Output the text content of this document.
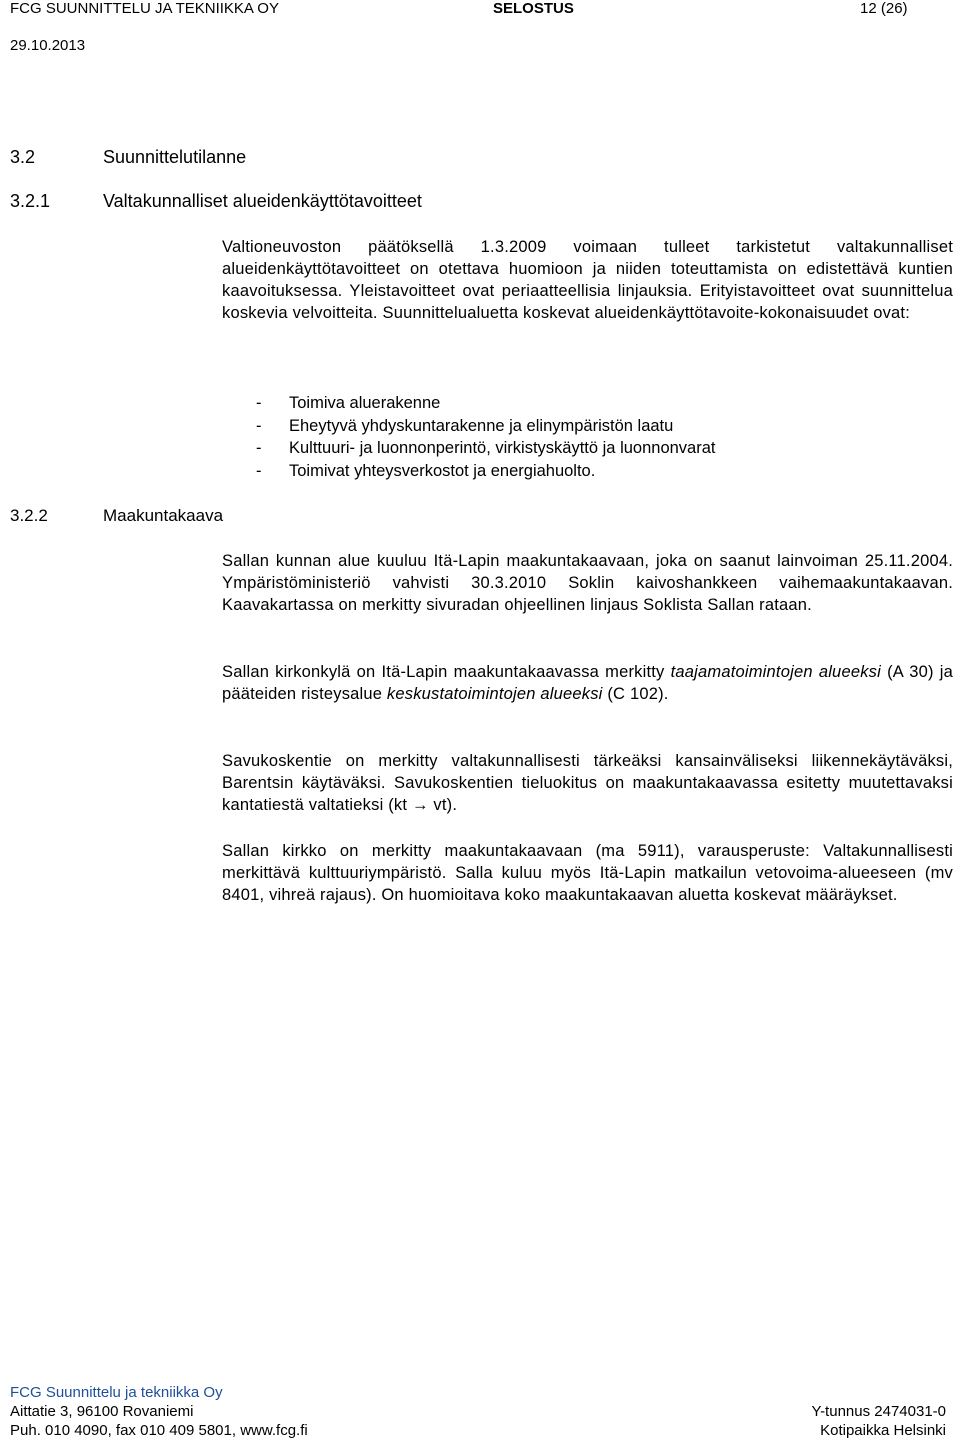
FCG SUUNNITTELU JA TEKNIIKKA OY	SELOSTUS	12 (26)
29.10.2013
3.2	Suunnittelutilanne
3.2.1	Valtakunnalliset alueidenkäyttötavoitteet

Valtioneuvoston päätöksellä 1.3.2009 voimaan tulleet tarkistetut valtakunnalliset alueidenkäyttötavoitteet on otettava huomioon ja niiden toteuttamista on edistettävä kuntien kaavoituksessa. Yleistavoitteet ovat periaatteellisia linjauksia. Erityistavoitteet ovat suunnittelua koskevia velvoitteita. Suunnittelualuetta koskevat alueidenkäyttötavoite-kokonaisuudet ovat:

- Toimiva aluerakenne
- Eheytyvä yhdyskuntarakenne ja elinympäristön laatu
- Kulttuuri- ja luonnonperintö, virkistyskäyttö ja luonnonvarat
- Toimivat yhteysverkostot ja energiahuolto.
3.2.2	Maakuntakaava

Sallan kunnan alue kuuluu Itä-Lapin maakuntakaavaan, joka on saanut lainvoiman 25.11.2004. Ympäristöministeriö vahvisti 30.3.2010 Soklin kaivoshankkeen vaihemaakuntakaavan. Kaavakartassa on merkitty sivuradan ohjeellinen linjaus Soklista Sallan rataan.

Sallan kirkonkylä on Itä-Lapin maakuntakaavassa merkitty taajamatoimintojen alueeksi (A 30) ja pääteiden risteysalue keskustatoimintojen alueeksi (C 102).

Savukoskentie on merkitty valtakunnallisesti tärkeäksi kansainväliseksi liikennekäytäväksi, Barentsin käytäväksi. Savukoskentien tieluokitus on maakuntakaavassa esitetty muutettavaksi kantatiestä valtatieksi (kt → vt).

Sallan kirkko on merkitty maakuntakaavaan (ma 5911), varausperuste: Valtakunnallisesti merkittävä kulttuuriympäristö. Salla kuluu myös Itä-Lapin matkailun vetovoima-alueeseen (mv 8401, vihreä rajaus). On huomioitava koko maakuntakaavan aluetta koskevat määräykset.

FCG Suunnittelu ja tekniikka Oy
Aittatie 3, 96100 Rovaniemi
Puh. 010 4090, fax 010 409 5801, www.fcg.fi
Y-tunnus 2474031-0
Kotipaikka Helsinki
